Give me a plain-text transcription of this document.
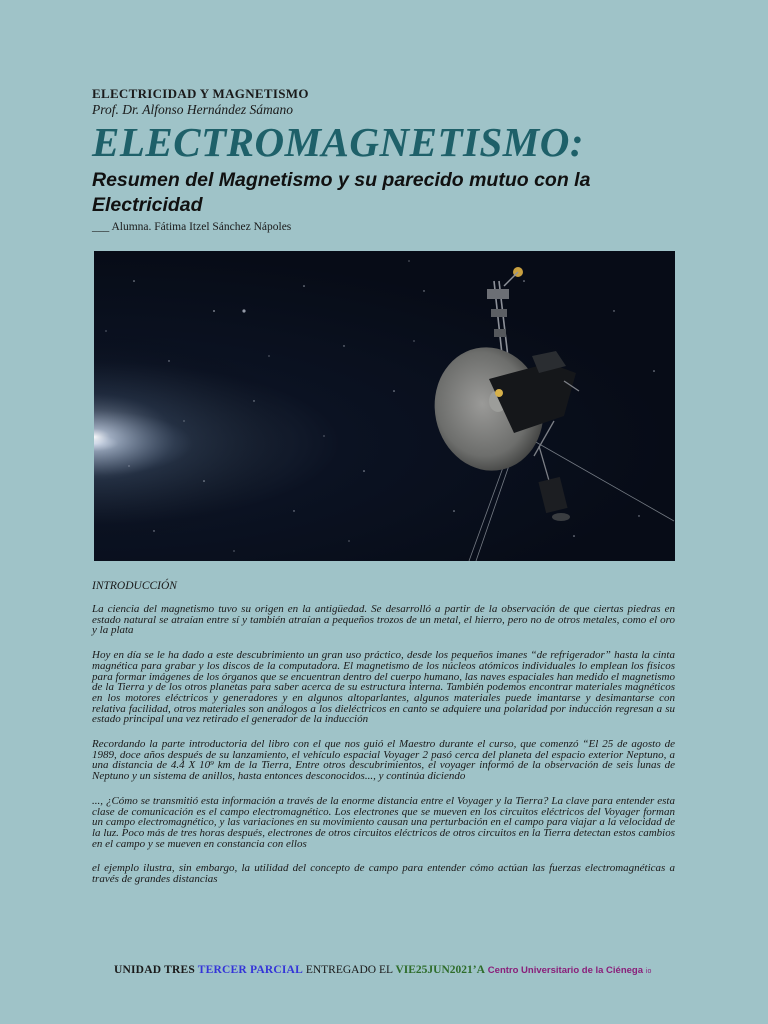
ELECTRICIDAD Y MAGNETISMO

Prof. Dr. Alfonso Hernández Sámano

ELECTROMAGNETISMO:
Resumen del Magnetismo y su parecido mutuo con la Electricidad

___ Alumna. Fátima Itzel Sánchez Nápoles

INTRODUCCIÓN

La ciencia del magnetismo tuvo su origen en la antigüedad. Se desarrolló a partir de la observación de que ciertas piedras en estado natural se atraían entre sí y también atraían a pequeños trozos de un metal, el hierro, pero no de otros metales, como el oro y la plata

Hoy en día se le ha dado a este descubrimiento un gran uso práctico, desde los pequeños imanes “de refrigerador” hasta la cinta magnética para grabar y los discos de la computadora. El magnetismo de los núcleos atómicos individuales lo emplean los físicos para formar imágenes de los órganos que se encuentran dentro del cuerpo humano, las naves espaciales han medido el magnetismo de la Tierra y de los otros planetas para saber acerca de su estructura interna. También podemos encontrar materiales magnéticos en los motores eléctricos y generadores y en algunos altoparlantes, algunos materiales puede imantarse y desimantarse con relativa facilidad, otros materiales son análogos a los dieléctricos en canto se adquiere una polaridad por inducción regresan a su estado principal una vez retirado el generador de la inducción

Recordando la parte introductoria del libro con el que nos guió el Maestro durante el curso, que comenzó “El 25 de agosto de 1989, doce años después de su lanzamiento, el vehículo espacial Voyager 2 pasó cerca del planeta del espacio exterior Neptuno, a una distancia de 4.4 X 10⁹ km de la Tierra, Entre otros descubrimientos, el voyager informó de la observación de seis lunas de Neptuno y un sistema de anillos, hasta entonces desconocidos..., y continúa diciendo

..., ¿Cómo se transmitió esta información a través de la enorme distancia entre el Voyager y la Tierra? La clave para entender esta clase de comunicación es el campo electromagnético. Los electrones que se mueven en los circuitos eléctricos del Voyager forman un campo electromagnético, y las variaciones en su movimiento causan una perturbación en el campo para viajar a la velocidad de la luz. Poco más de tres horas después, electrones de otros circuitos eléctricos de otros circuitos en la Tierra detectan estos cambios en el campo y se mueven en constancia con ellos

el ejemplo ilustra, sin embargo, la utilidad del concepto de campo para entender cómo actúan las fuerzas electromagnéticas a través de grandes distancias

UNIDAD TRES TERCER PARCIAL ENTREGADO EL VIE25JUN2021’A Centro Universitario de la Ciénega io
